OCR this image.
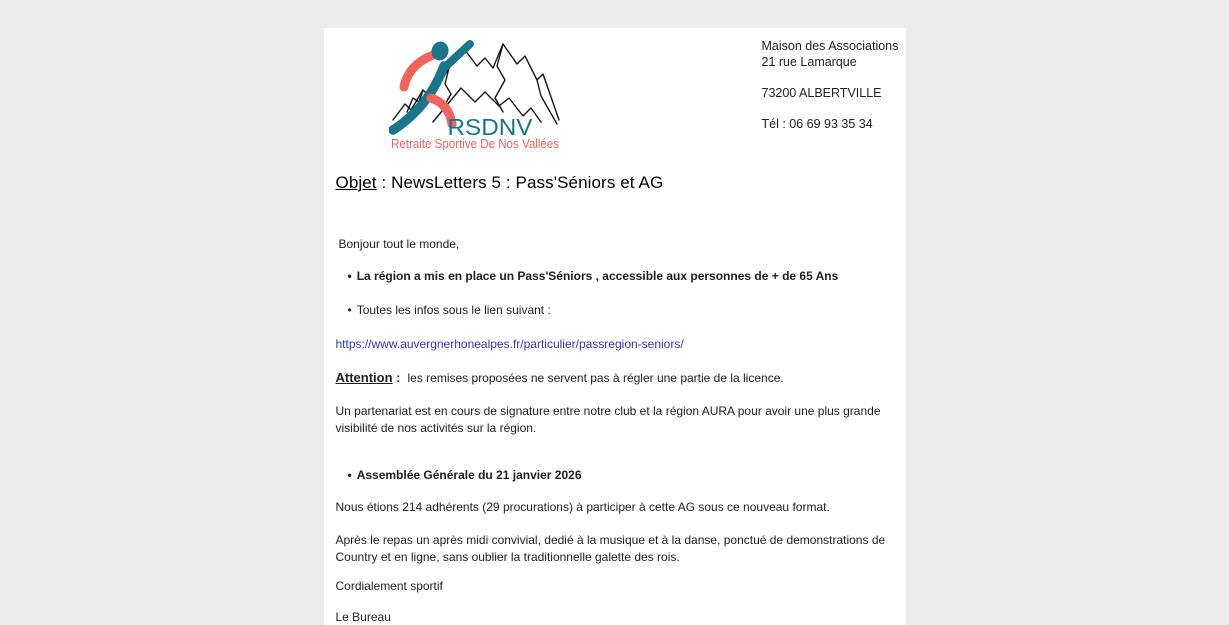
RSDNV
Retraite Sportive De Nos Vallées
Maison des Associations
21 rue Lamarque
73200 ALBERTVILLE
Tél : 06 69 93 35 34
Objet : NewsLetters 5 : Pass'Séniors et AG

Bonjour tout le monde,

• La région a mis en place un Pass'Séniors , accessible aux personnes de + de 65 Ans

• Toutes les infos sous le lien suivant :

https://www.auvergnerhonealpes.fr/particulier/passregion-seniors/

Attention : les remises proposées ne servent pas à régler une partie de la licence.

Un partenariat est en cours de signature entre notre club et la région AURA pour avoir une plus grande visibilité de nos activités sur la région.

• Assemblée Générale du 21 janvier 2026

Nous étions 214 adhérents (29 procurations) à participer à cette AG sous ce nouveau format.

Après le repas un après midi convivial, dedié à la musique et à la danse, ponctué de demonstrations de Country et en ligne, sans oublier la traditionnelle galette des rois.

Cordialement sportif

Le Bureau
